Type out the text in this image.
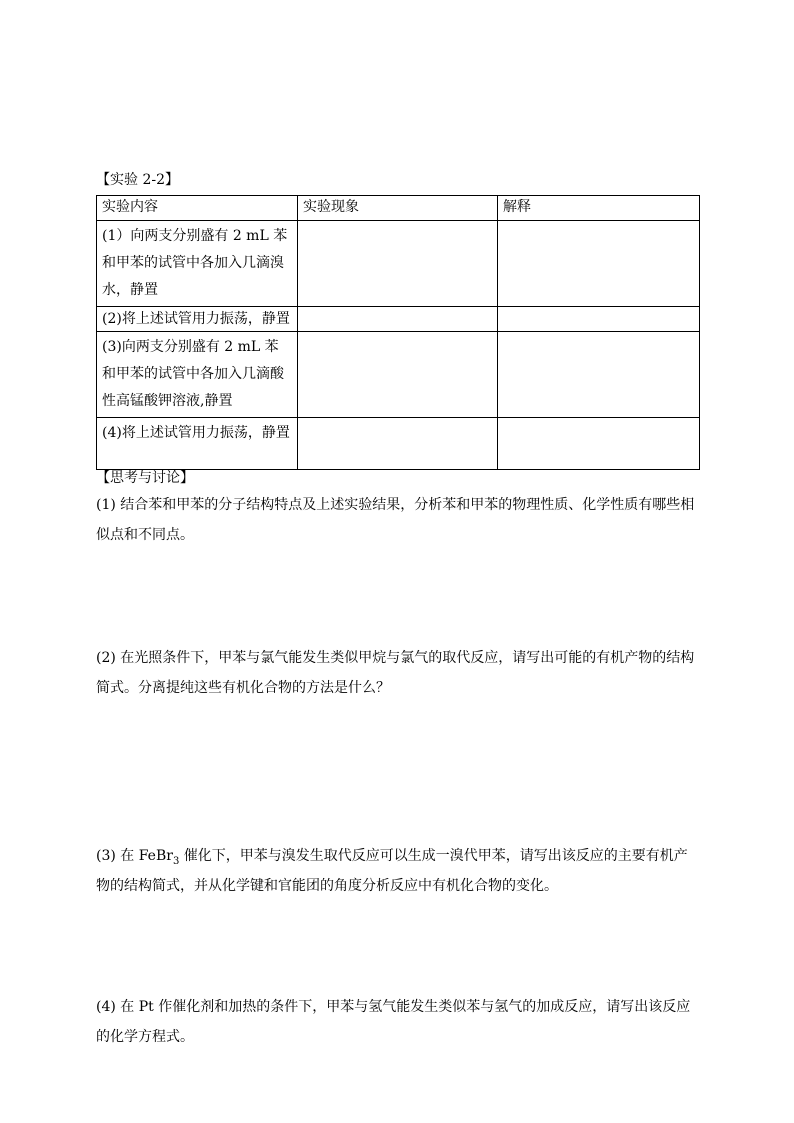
【实验 2-2】
实验内容	实验现象	解释
(1）向两支分别盛有 2 mL 苯和甲苯的试管中各加入几滴溴水，静置		
(2)将上述试管用力振荡，静置		
(3)向两支分别盛有 2 mL 苯和甲苯的试管中各加入几滴酸性高锰酸钾溶液,静置		
(4)将上述试管用力振荡，静置		
【思考与讨论】
(1) 结合苯和甲苯的分子结构特点及上述实验结果，分析苯和甲苯的物理性质、化学性质有哪些相似点和不同点。
(2) 在光照条件下，甲苯与氯气能发生类似甲烷与氯气的取代反应，请写出可能的有机产物的结构简式。分离提纯这些有机化合物的方法是什么？
(3) 在 FeBr$_3$ 催化下，甲苯与溴发生取代反应可以生成一溴代甲苯，请写出该反应的主要有机产物的结构简式，并从化学键和官能团的角度分析反应中有机化合物的变化。
(4) 在 Pt 作催化剂和加热的条件下，甲苯与氢气能发生类似苯与氢气的加成反应，请写出该反应的化学方程式。
